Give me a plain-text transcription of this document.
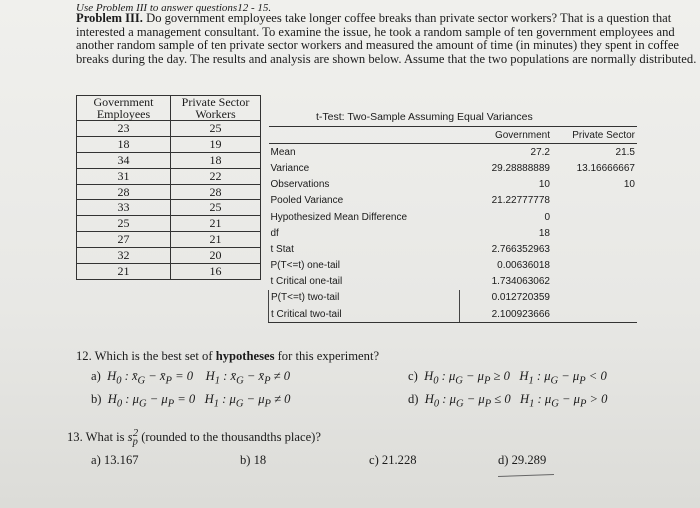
Use Problem III to answer questions12 - 15.
Problem III. Do government employees take longer coffee breaks than private sector workers? That is a question that interested a management consultant. To examine the issue, he took a random sample of ten government employees and another random sample of ten private sector workers and measured the amount of time (in minutes) they spent in coffee breaks during the day. The results and analysis are shown below. Assume that the two populations are normally distributed.
Government
Employees	Private Sector
Workers
23	25
18	19
34	18
31	22
28	28
33	25
25	21
27	21
32	20
21	16
t-Test: Two-Sample Assuming Equal Variances
	Government	Private Sector
Mean	27.2	21.5
Variance	29.28888889	13.16666667
Observations	10	10
Pooled Variance	21.22777778	
Hypothesized Mean Difference	0	
df	18	
t Stat	2.766352963	
P(T<=t) one-tail	0.00636018	
t Critical one-tail	1.734063062	
P(T<=t) two-tail	0.012720359	
t Critical two-tail	2.100923666	
12. Which is the best set of hypotheses for this experiment?
a)  $H_0$ : $x̄_G$ − $x̄_P = 0$    $H_1$ : $x̄_G$ − $x̄_P \ne 0$
b)  $H_0$ : $\mu_G - \mu_P = 0$   $H_1$ : $\mu_G - \mu_P \ne 0$
c)  $H_0$ : $\mu_G - \mu_P \ge 0$   $H_1$ : $\mu_G - \mu_P < 0$
d)  $H_0$ : $\mu_G - \mu_P \le 0$   $H_1$ : $\mu_G - \mu_P > 0$
13. What is $s_p^2$ (rounded to the thousandths place)?
a) 13.167	b) 18	c) 21.228	d) 29.289
